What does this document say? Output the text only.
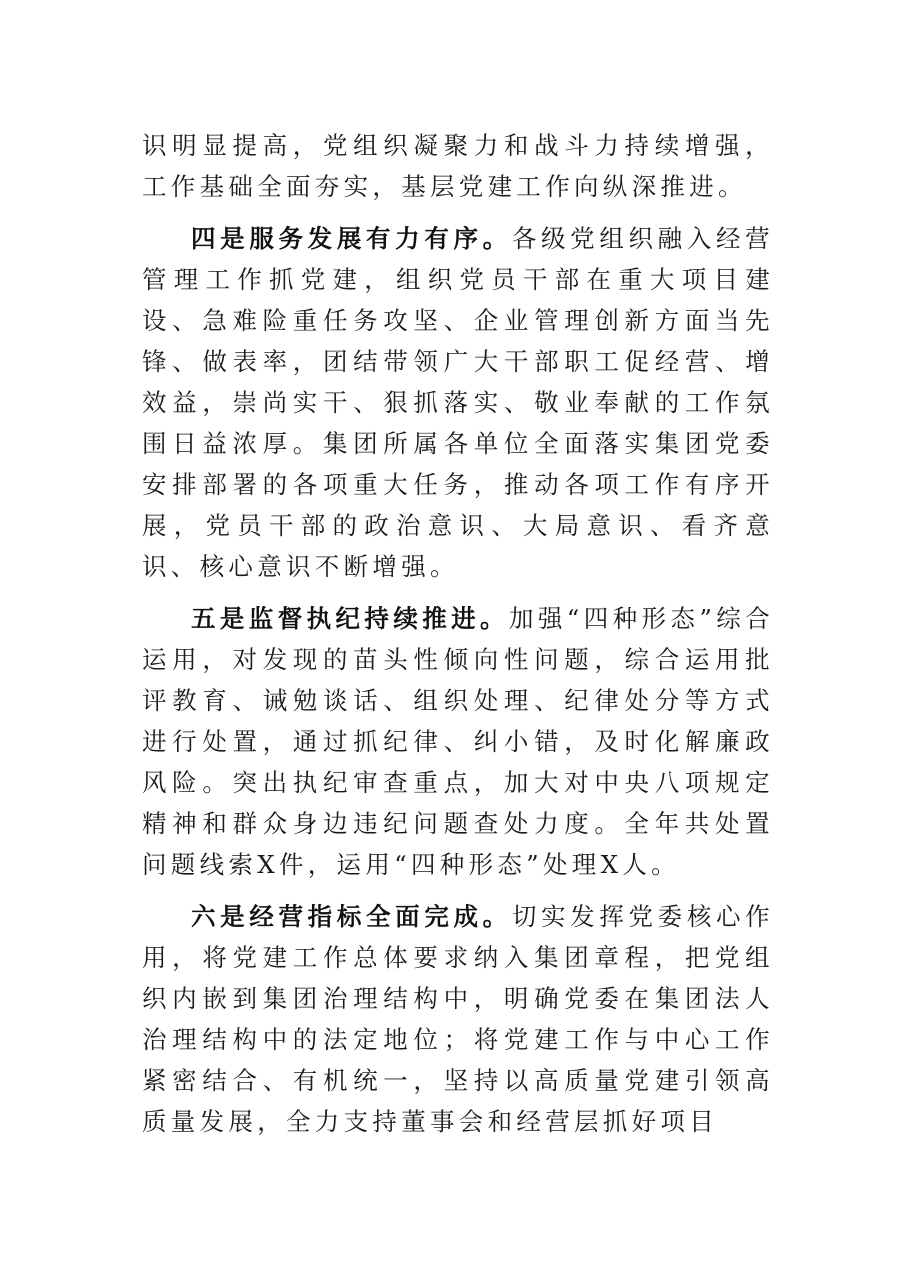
识明显提高，党组织凝聚力和战斗力持续增强，工作基础全面夯实，基层党建工作向纵深推进。

四是服务发展有力有序。各级党组织融入经营管理工作抓党建，组织党员干部在重大项目建设、急难险重任务攻坚、企业管理创新方面当先锋、做表率，团结带领广大干部职工促经营、增效益，崇尚实干、狠抓落实、敬业奉献的工作氛围日益浓厚。集团所属各单位全面落实集团党委安排部署的各项重大任务，推动各项工作有序开展，党员干部的政治意识、大局意识、看齐意识、核心意识不断增强。

五是监督执纪持续推进。加强“四种形态”综合运用，对发现的苗头性倾向性问题，综合运用批评教育、诫勉谈话、组织处理、纪律处分等方式进行处置，通过抓纪律、纠小错，及时化解廉政风险。突出执纪审查重点，加大对中央八项规定精神和群众身边违纪问题查处力度。全年共处置问题线索X件，运用“四种形态”处理X人。

六是经营指标全面完成。切实发挥党委核心作用，将党建工作总体要求纳入集团章程，把党组织内嵌到集团治理结构中，明确党委在集团法人治理结构中的法定地位；将党建工作与中心工作紧密结合、有机统一，坚持以高质量党建引领高质量发展，全力支持董事会和经营层抓好项目
